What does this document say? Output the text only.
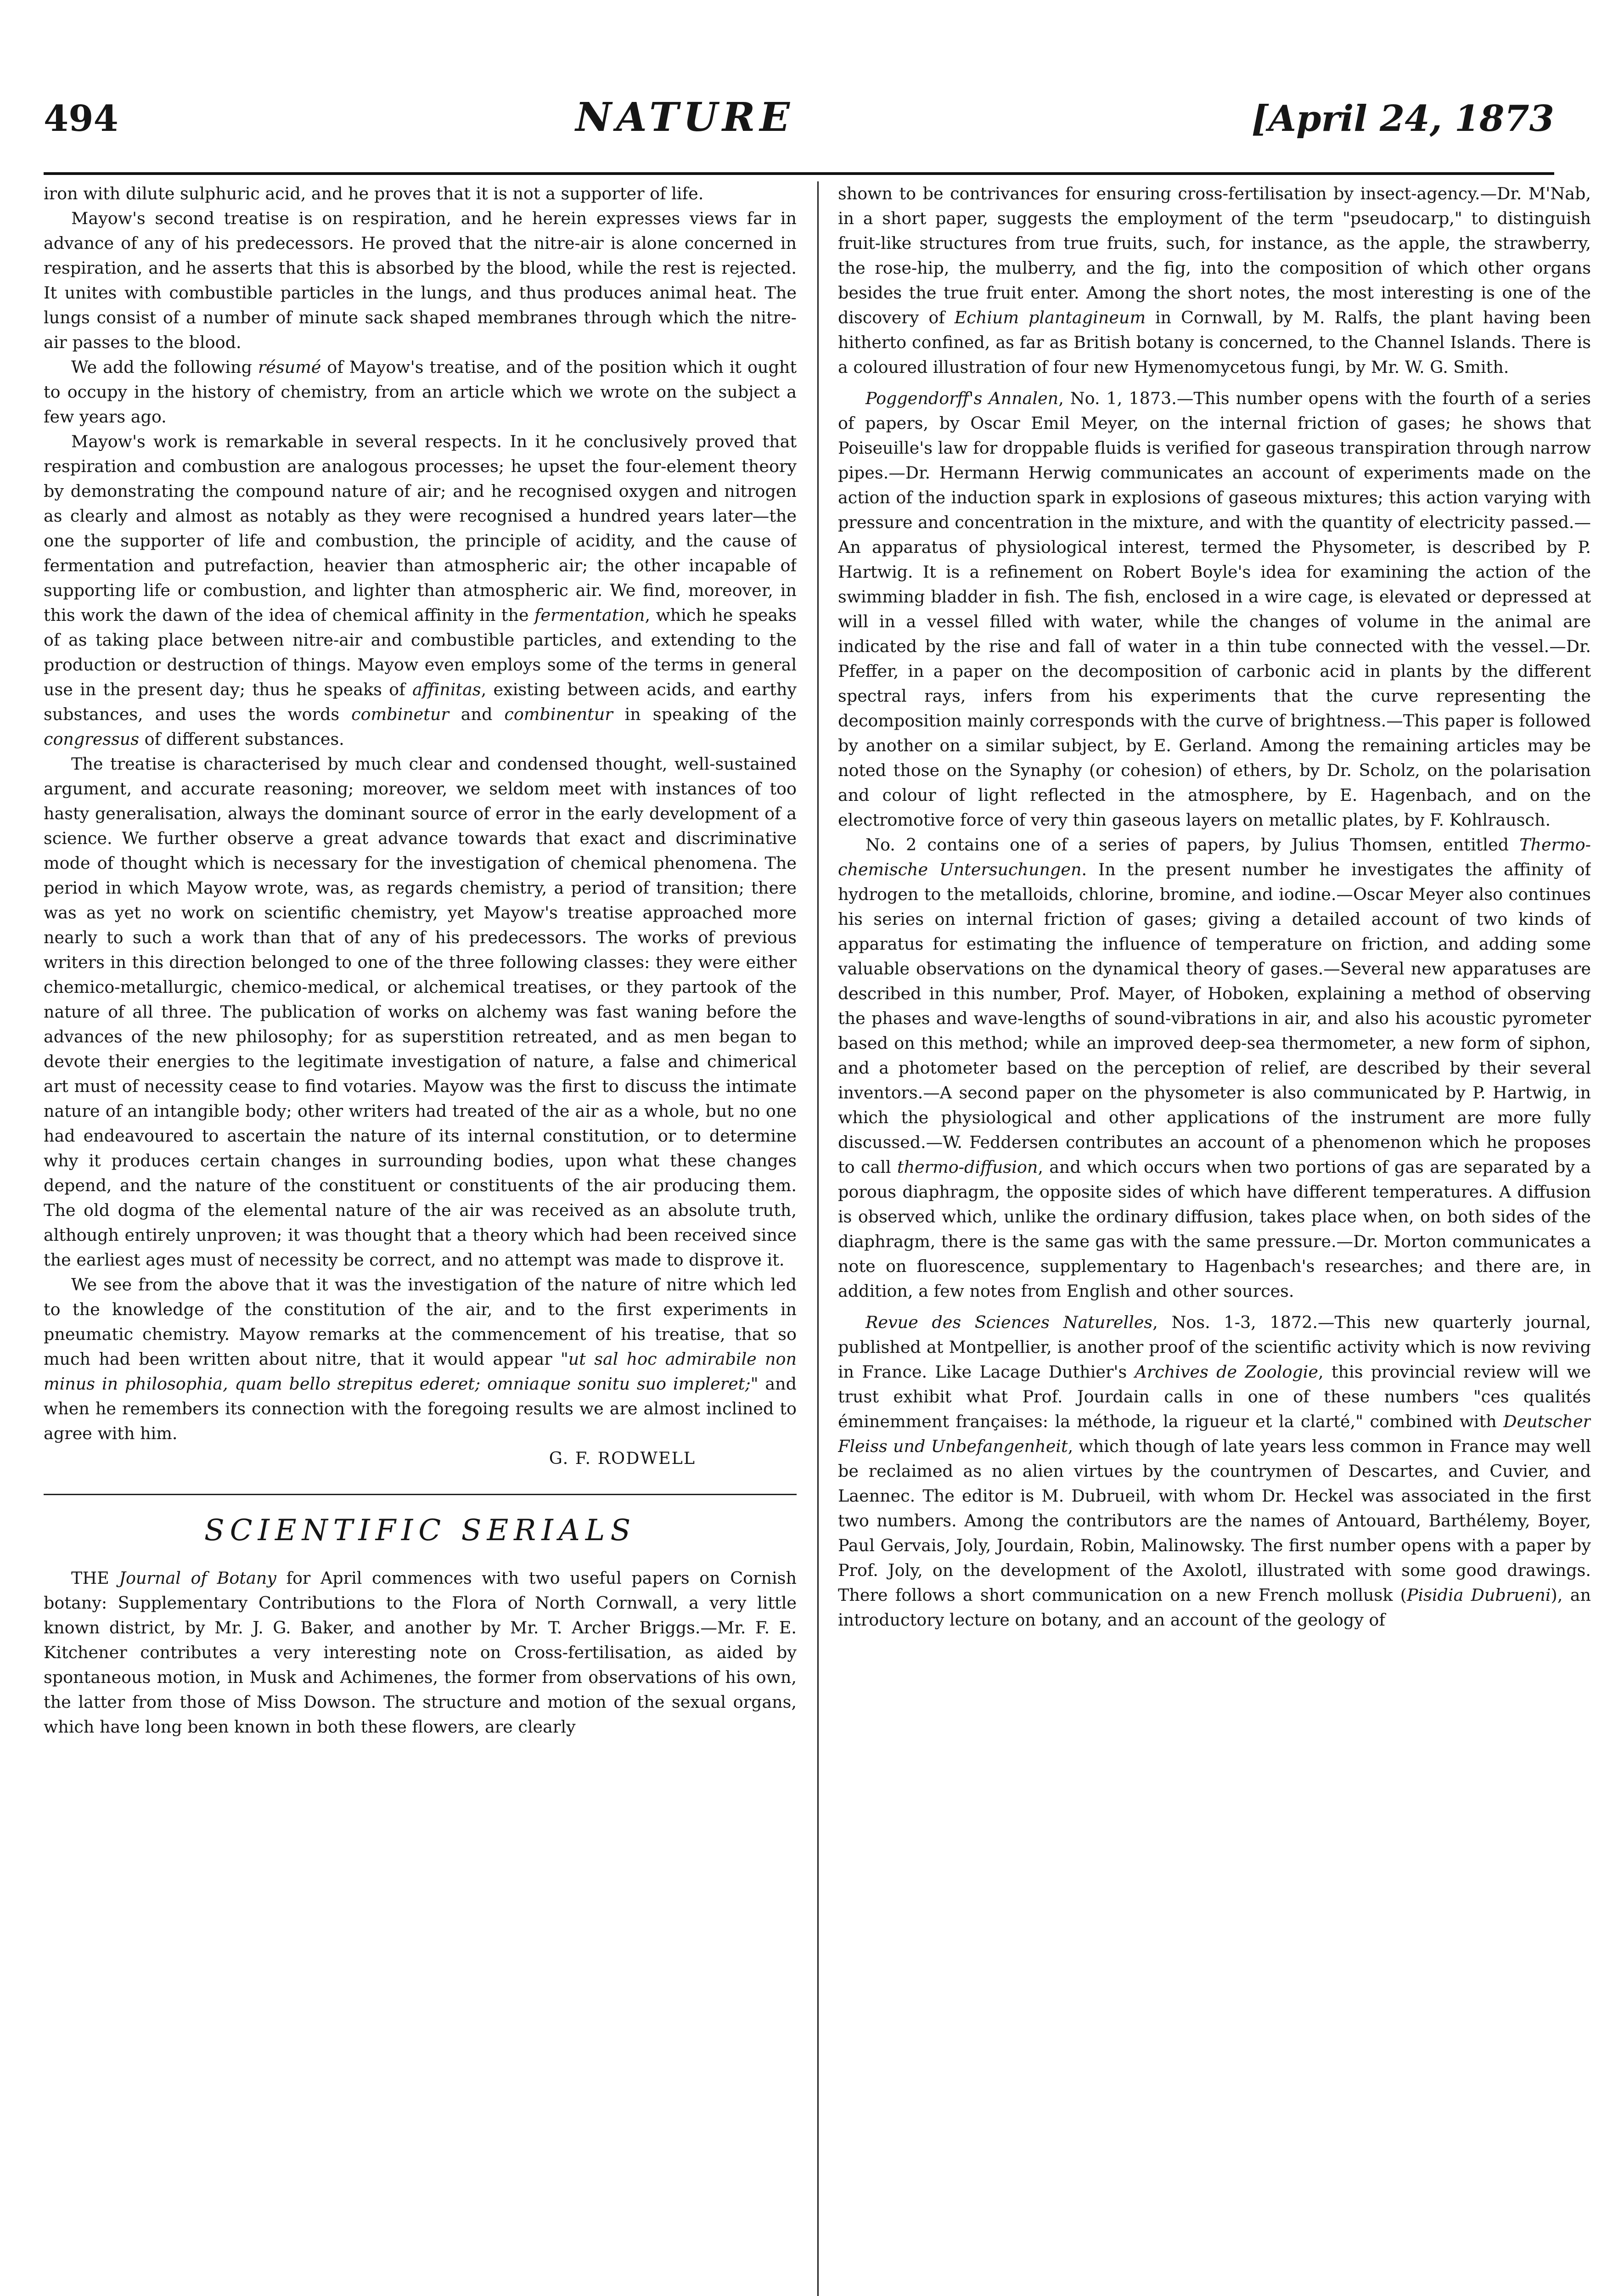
494	NATURE	[April 24, 1873

iron with dilute sulphuric acid, and he proves that it is not a supporter of life.

Mayow's second treatise is on respiration, and he herein expresses views far in advance of any of his predecessors. He proved that the nitre-air is alone concerned in respiration, and he asserts that this is absorbed by the blood, while the rest is rejected. It unites with combustible particles in the lungs, and thus produces animal heat. The lungs consist of a number of minute sack shaped membranes through which the nitre-air passes to the blood.

We add the following résumé of Mayow's treatise, and of the position which it ought to occupy in the history of chemistry, from an article which we wrote on the subject a few years ago.

Mayow's work is remarkable in several respects. In it he conclusively proved that respiration and combustion are analogous processes; he upset the four-element theory by demonstrating the compound nature of air; and he recognised oxygen and nitrogen as clearly and almost as notably as they were recognised a hundred years later—the one the supporter of life and combustion, the principle of acidity, and the cause of fermentation and putrefaction, heavier than atmospheric air; the other incapable of supporting life or combustion, and lighter than atmospheric air. We find, moreover, in this work the dawn of the idea of chemical affinity in the fermentation, which he speaks of as taking place between nitre-air and combustible particles, and extending to the production or destruction of things. Mayow even employs some of the terms in general use in the present day; thus he speaks of affinitas, existing between acids, and earthy substances, and uses the words combinetur and combinentur in speaking of the congressus of different substances.

The treatise is characterised by much clear and condensed thought, well-sustained argument, and accurate reasoning; moreover, we seldom meet with instances of too hasty generalisation, always the dominant source of error in the early development of a science. We further observe a great advance towards that exact and discriminative mode of thought which is necessary for the investigation of chemical phenomena. The period in which Mayow wrote, was, as regards chemistry, a period of transition; there was as yet no work on scientific chemistry, yet Mayow's treatise approached more nearly to such a work than that of any of his predecessors. The works of previous writers in this direction belonged to one of the three following classes: they were either chemico-metallurgic, chemico-medical, or alchemical treatises, or they partook of the nature of all three. The publication of works on alchemy was fast waning before the advances of the new philosophy; for as superstition retreated, and as men began to devote their energies to the legitimate investigation of nature, a false and chimerical art must of necessity cease to find votaries. Mayow was the first to discuss the intimate nature of an intangible body; other writers had treated of the air as a whole, but no one had endeavoured to ascertain the nature of its internal constitution, or to determine why it produces certain changes in surrounding bodies, upon what these changes depend, and the nature of the constituent or constituents of the air producing them. The old dogma of the elemental nature of the air was received as an absolute truth, although entirely unproven; it was thought that a theory which had been received since the earliest ages must of necessity be correct, and no attempt was made to disprove it.

We see from the above that it was the investigation of the nature of nitre which led to the knowledge of the constitution of the air, and to the first experiments in pneumatic chemistry. Mayow remarks at the commencement of his treatise, that so much had been written about nitre, that it would appear "ut sal hoc admirabile non minus in philosophia, quam bello strepitus ederet; omniaque sonitu suo impleret;" and when he remembers its connection with the foregoing results we are almost inclined to agree with him.

G. F. RODWELL
SCIENTIFIC SERIALS

THE Journal of Botany for April commences with two useful papers on Cornish botany: Supplementary Contributions to the Flora of North Cornwall, a very little known district, by Mr. J. G. Baker, and another by Mr. T. Archer Briggs.—Mr. F. E. Kitchener contributes a very interesting note on Cross-fertilisation, as aided by spontaneous motion, in Musk and Achimenes, the former from observations of his own, the latter from those of Miss Dowson. The structure and motion of the sexual organs, which have long been known in both these flowers, are clearly

shown to be contrivances for ensuring cross-fertilisation by insect-agency.—Dr. M'Nab, in a short paper, suggests the employment of the term "pseudocarp," to distinguish fruit-like structures from true fruits, such, for instance, as the apple, the strawberry, the rose-hip, the mulberry, and the fig, into the composition of which other organs besides the true fruit enter. Among the short notes, the most interesting is one of the discovery of Echium plantagineum in Cornwall, by M. Ralfs, the plant having been hitherto confined, as far as British botany is concerned, to the Channel Islands. There is a coloured illustration of four new Hymenomycetous fungi, by Mr. W. G. Smith.

Poggendorff's Annalen, No. 1, 1873.—This number opens with the fourth of a series of papers, by Oscar Emil Meyer, on the internal friction of gases; he shows that Poiseuille's law for droppable fluids is verified for gaseous transpiration through narrow pipes.—Dr. Hermann Herwig communicates an account of experiments made on the action of the induction spark in explosions of gaseous mixtures; this action varying with pressure and concentration in the mixture, and with the quantity of electricity passed.—An apparatus of physiological interest, termed the Physometer, is described by P. Hartwig. It is a refinement on Robert Boyle's idea for examining the action of the swimming bladder in fish. The fish, enclosed in a wire cage, is elevated or depressed at will in a vessel filled with water, while the changes of volume in the animal are indicated by the rise and fall of water in a thin tube connected with the vessel.—Dr. Pfeffer, in a paper on the decomposition of carbonic acid in plants by the different spectral rays, infers from his experiments that the curve representing the decomposition mainly corresponds with the curve of brightness.—This paper is followed by another on a similar subject, by E. Gerland. Among the remaining articles may be noted those on the Synaphy (or cohesion) of ethers, by Dr. Scholz, on the polarisation and colour of light reflected in the atmosphere, by E. Hagenbach, and on the electromotive force of very thin gaseous layers on metallic plates, by F. Kohlrausch.

No. 2 contains one of a series of papers, by Julius Thomsen, entitled Thermo-chemische Untersuchungen. In the present number he investigates the affinity of hydrogen to the metalloids, chlorine, bromine, and iodine.—Oscar Meyer also continues his series on internal friction of gases; giving a detailed account of two kinds of apparatus for estimating the influence of temperature on friction, and adding some valuable observations on the dynamical theory of gases.—Several new apparatuses are described in this number, Prof. Mayer, of Hoboken, explaining a method of observing the phases and wave-lengths of sound-vibrations in air, and also his acoustic pyrometer based on this method; while an improved deep-sea thermometer, a new form of siphon, and a photometer based on the perception of relief, are described by their several inventors.—A second paper on the physometer is also communicated by P. Hartwig, in which the physiological and other applications of the instrument are more fully discussed.—W. Feddersen contributes an account of a phenomenon which he proposes to call thermo-diffusion, and which occurs when two portions of gas are separated by a porous diaphragm, the opposite sides of which have different temperatures. A diffusion is observed which, unlike the ordinary diffusion, takes place when, on both sides of the diaphragm, there is the same gas with the same pressure.—Dr. Morton communicates a note on fluorescence, supplementary to Hagenbach's researches; and there are, in addition, a few notes from English and other sources.

Revue des Sciences Naturelles, Nos. 1-3, 1872.—This new quarterly journal, published at Montpellier, is another proof of the scientific activity which is now reviving in France. Like Lacage Duthier's Archives de Zoologie, this provincial review will we trust exhibit what Prof. Jourdain calls in one of these numbers "ces qualités éminemment françaises: la méthode, la rigueur et la clarté," combined with Deutscher Fleiss und Unbefangenheit, which though of late years less common in France may well be reclaimed as no alien virtues by the countrymen of Descartes, and Cuvier, and Laennec. The editor is M. Dubrueil, with whom Dr. Heckel was associated in the first two numbers. Among the contributors are the names of Antouard, Barthélemy, Boyer, Paul Gervais, Joly, Jourdain, Robin, Malinowsky. The first number opens with a paper by Prof. Joly, on the development of the Axolotl, illustrated with some good drawings. There follows a short communication on a new French mollusk (Pisidia Dubrueni), an introductory lecture on botany, and an account of the geology of
